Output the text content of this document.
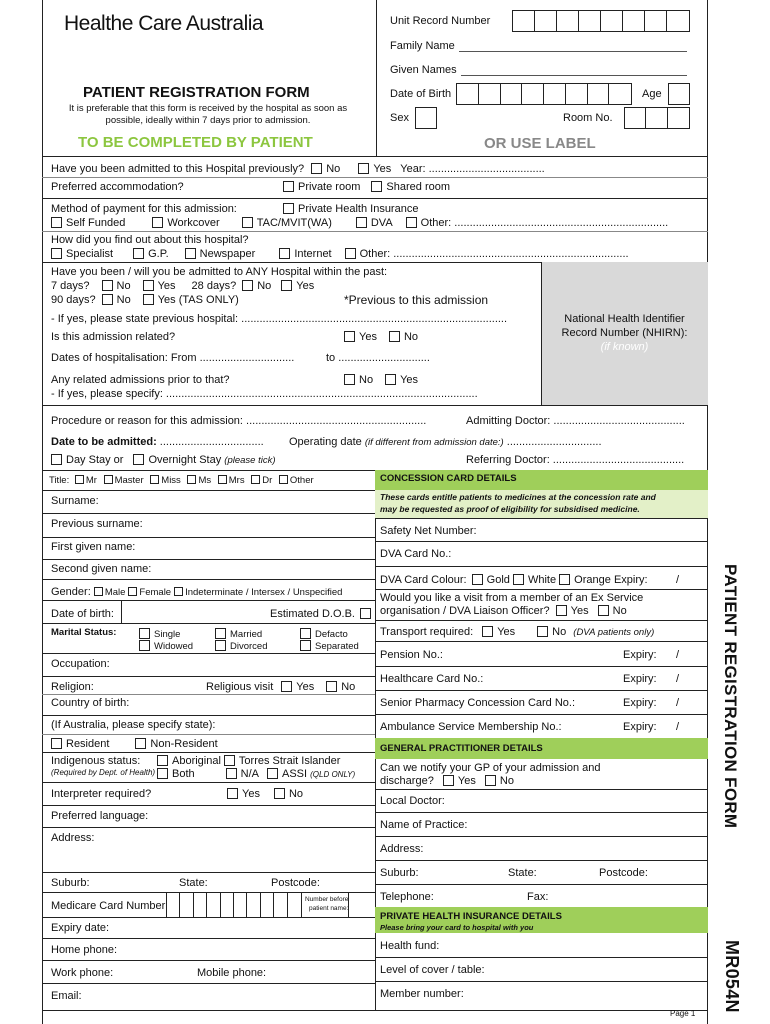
Healthe Care Australia
PATIENT REGISTRATION FORM
It is preferable that this form is received by the hospital as soon as
possible, ideally within 7 days prior to admission.
TO BE COMPLETED BY PATIENT
Unit Record Number
Family Name
Given Names
Date of Birth	Age
Sex	Room No.
OR USE LABEL
Have you been admitted to this Hospital previously? No	Yes Year: ......................................
Preferred accommodation?	Private room Shared room
Method of payment for this admission:	Private Health Insurance
Self Funded	Workcover	TAC/MVIT(WA)	DVA	Other: ......................................................................
How did you find out about this hospital?
Specialist	G.P.	Newspaper	Internet	Other: .............................................................................
National Health Identifier
Record Number (NHIRN):
(if known)
Have you been / will you be admitted to ANY Hospital within the past:
7 days? No Yes 28 days? No Yes
90 days? No Yes (TAS ONLY)	*Previous to this admission
- If yes, please state previous hospital: .......................................................................................
Is this admission related?	Yes No
Dates of hospitalisation: From ...............................	to ..............................
Any related admissions prior to that?	No Yes
- If yes, please specify: ......................................................................................................
Procedure or reason for this admission: ...........................................................	Admitting Doctor: ...........................................
Date to be admitted: .................................. Operating date (if different from admission date:) ...............................
Day Stay or Overnight Stay (please tick)	Referring Doctor: ...........................................
Title: Mr Master Miss Ms Mrs Dr Other
Surname:
Previous surname:
First given name:
Second given name:
Gender: Male Female Indeterminate / Intersex / Unspecified
Date of birth:	Estimated D.O.B.
Marital Status:	Single	Married	Defacto
Widowed	Divorced	Separated
Occupation:
Religion:	Religious visit Yes No
Country of birth:
(If Australia, please specify state):
Resident	Non-Resident
Indigenous status:
(Required by Dept. of Health)
Aboriginal Torres Strait Islander
Both	N/A ASSI (QLD ONLY)
Interpreter required?	Yes	No
Preferred language:
Address:
Suburb:	State:	Postcode:
Medicare Card Number
Number before
patient name:
Expiry date:
Home phone:
Work phone:	Mobile phone:
Email:
CONCESSION CARD DETAILS
These cards entitle patients to medicines at the concession rate and
may be requested as proof of eligibility for subsidised medicine.
Safety Net Number:
DVA Card No.:
DVA Card Colour: Gold White Orange Expiry:	/
Would you like a visit from a member of an Ex Service
organisation / DVA Liaison Officer? Yes No
Transport required: Yes	No (DVA patients only)
Pension No.:	Expiry: /
Healthcare Card No.:	Expiry: /
Senior Pharmacy Concession Card No.:	Expiry: /
Ambulance Service Membership No.:	Expiry: /
GENERAL PRACTITIONER DETAILS
Can we notify your GP of your admission and
discharge? Yes No
Local Doctor:
Name of Practice:
Address:
Suburb:	State:	Postcode:
Telephone:	Fax:
PRIVATE HEALTH INSURANCE DETAILS
Please bring your card to hospital with you
Health fund:
Level of cover / table:
Member number:
Page 1
PATIENT REGISTRATION FORM
MR054N
